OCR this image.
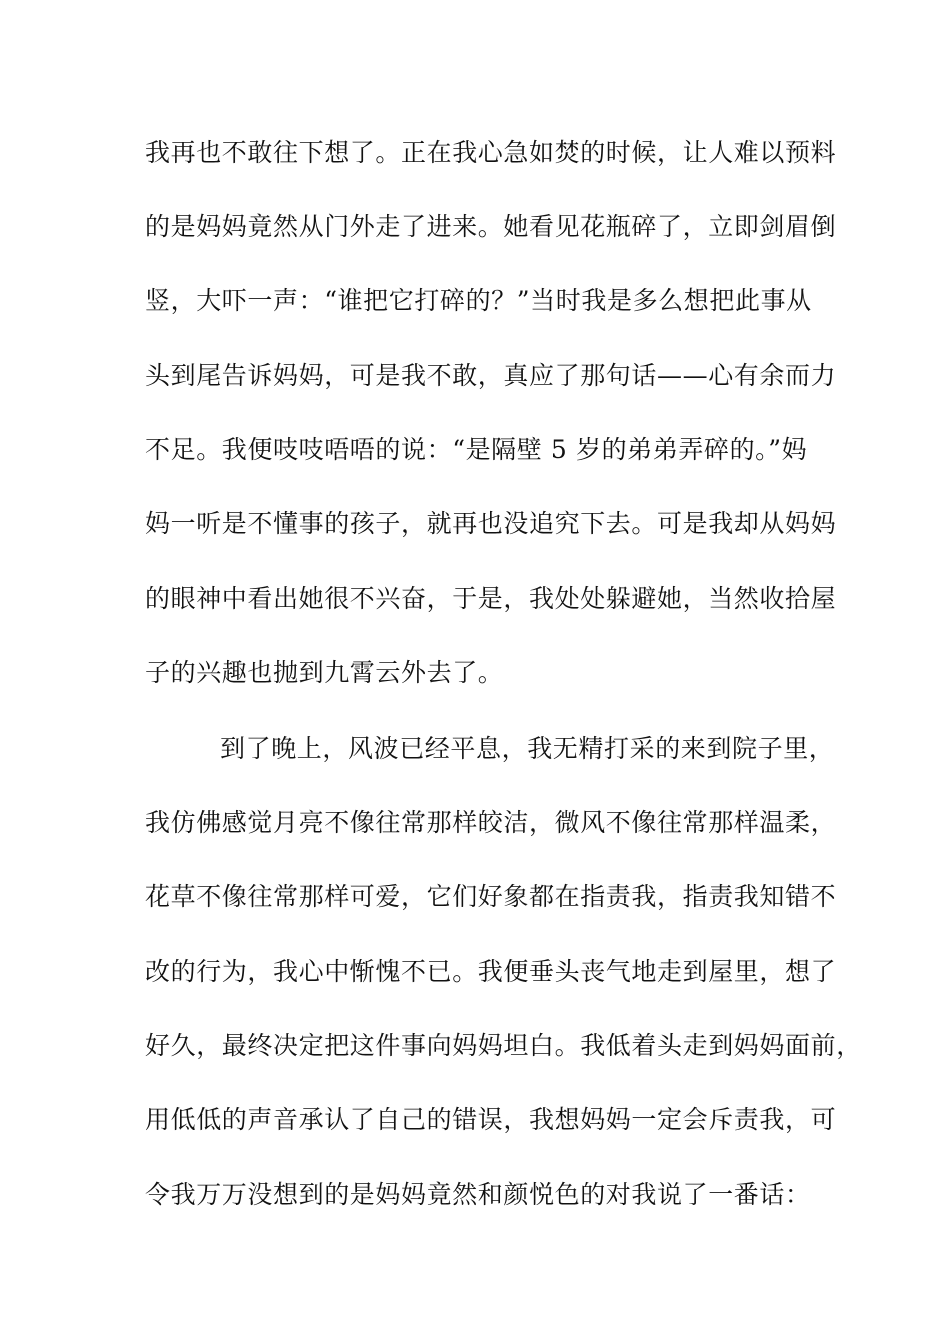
我再也不敢往下想了。正在我心急如焚的时候，让人难以预料
的是妈妈竟然从门外走了进来。她看见花瓶碎了，立即剑眉倒
竖，大吓一声：“谁把它打碎的？”当时我是多么想把此事从
头到尾告诉妈妈，可是我不敢，真应了那句话——心有余而力
不足。我便吱吱唔唔的说：“是隔壁 5 岁的弟弟弄碎的。”妈
妈一听是不懂事的孩子，就再也没追究下去。可是我却从妈妈
的眼神中看出她很不兴奋，于是，我处处躲避她，当然收拾屋
子的兴趣也抛到九霄云外去了。
到了晚上，风波已经平息，我无精打采的来到院子里，
我仿佛感觉月亮不像往常那样皎洁，微风不像往常那样温柔，
花草不像往常那样可爱，它们好象都在指责我，指责我知错不
改的行为，我心中惭愧不已。我便垂头丧气地走到屋里，想了
好久，最终决定把这件事向妈妈坦白。我低着头走到妈妈面前，
用低低的声音承认了自己的错误，我想妈妈一定会斥责我，可
令我万万没想到的是妈妈竟然和颜悦色的对我说了一番话：
